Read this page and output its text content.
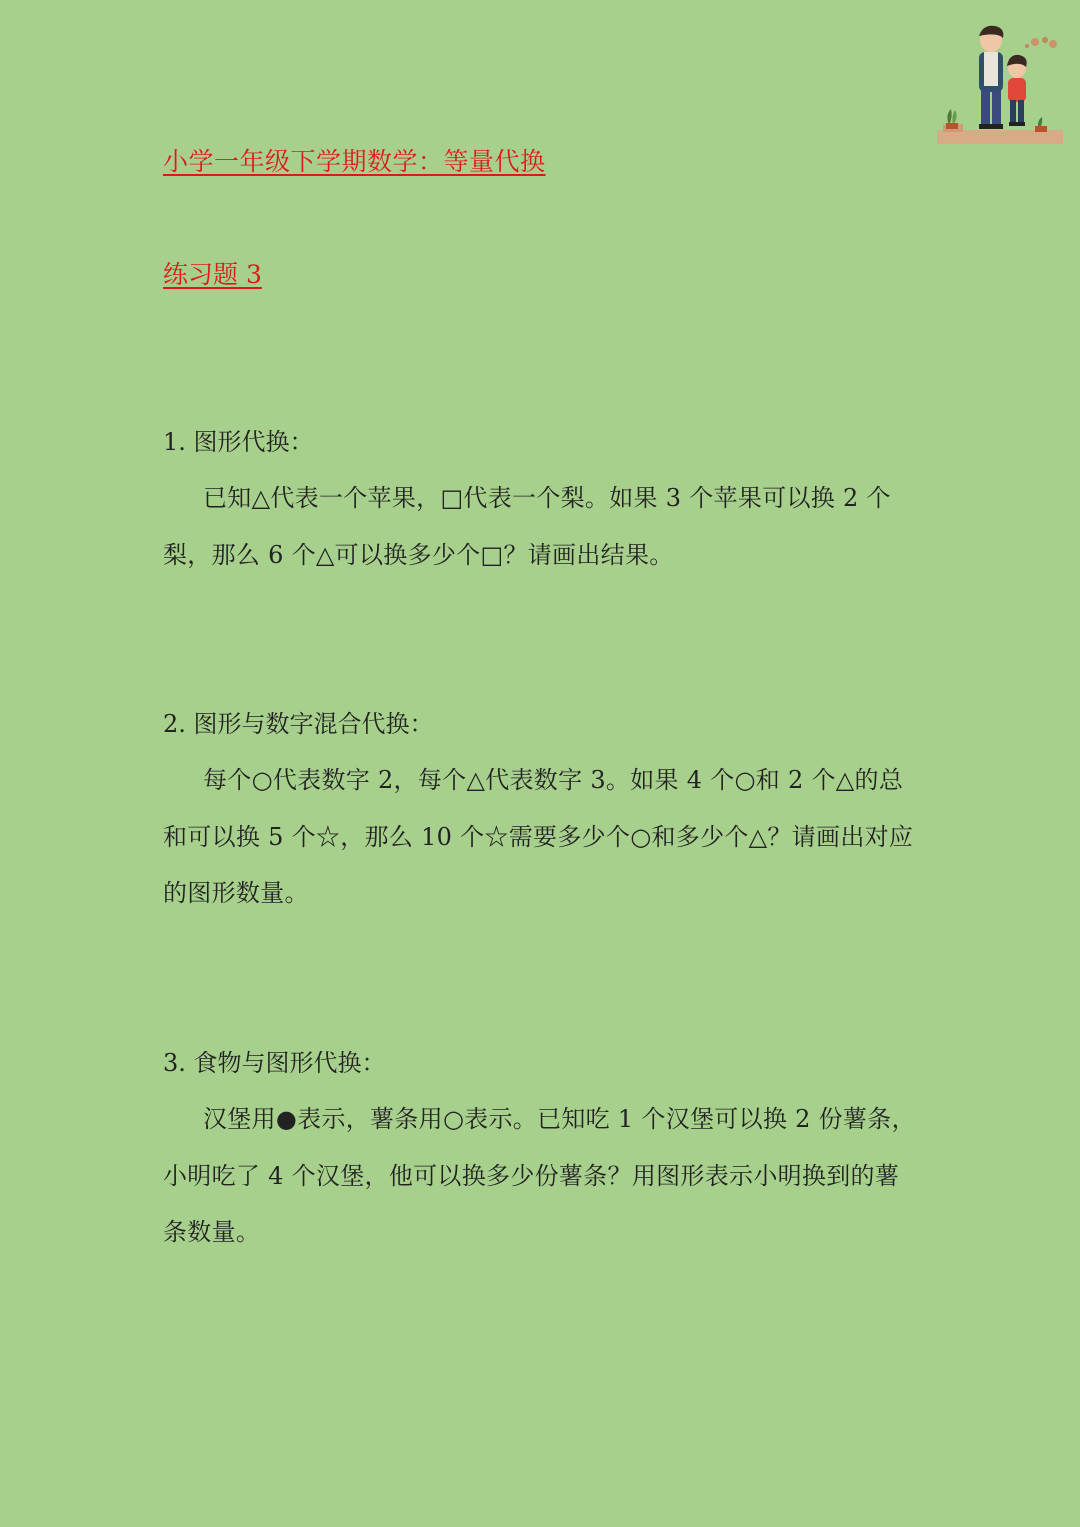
小学一年级下学期数学：等量代换
练习题 3
1. 图形代换：

已知△代表一个苹果，□代表一个梨。如果 3 个苹果可以换 2 个梨，那么 6 个△可以换多少个□？请画出结果。

2. 图形与数字混合代换：

每个○代表数字 2，每个△代表数字 3。如果 4 个○和 2 个△的总和可以换 5 个☆，那么 10 个☆需要多少个○和多少个△？请画出对应的图形数量。

3. 食物与图形代换：

汉堡用●表示，薯条用○表示。已知吃 1 个汉堡可以换 2 份薯条，小明吃了 4 个汉堡，他可以换多少份薯条？用图形表示小明换到的薯条数量。
